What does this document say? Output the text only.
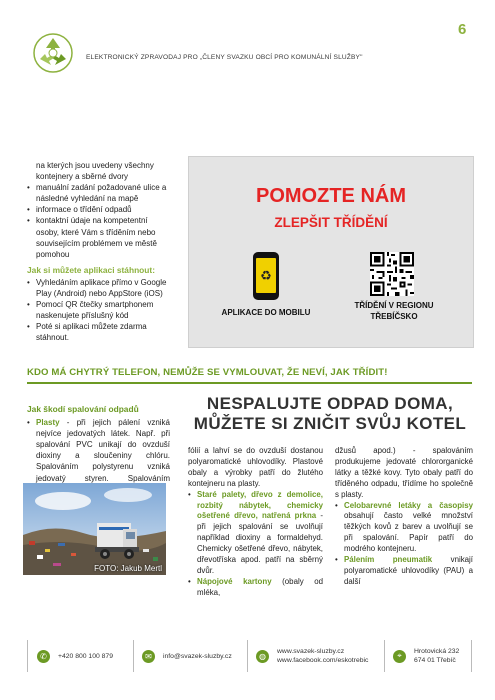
ELEKTRONICKÝ ZPRAVODAJ PRO „ČLENY SVAZKU OBCÍ PRO KOMUNÁLNÍ SLUŽBY"
6
na kterých jsou uvedeny všechny kontejnery a sběrné dvory
• manuální zadání požadované ulice a následné vyhledání na mapě
• informace o třídění odpadů
• kontaktní údaje na kompetentní osoby, které Vám s tříděním nebo souvisejícím problémem ve městě pomohou
Jak si můžete aplikaci stáhnout:
• Vyhledáním aplikace přímo v Google Play (Android) nebo AppStore (iOS)
• Pomocí QR čtečky smartphonem naskenujete příslušný kód
• Poté si aplikaci můžete zdarma stáhnout.
POMOZTE NÁM
ZLEPŠIT TŘÍDĚNÍ
♻
APLIKACE DO MOBILU
TŘÍDĚNÍ V REGIONU
TŘEBÍČSKO
KDO MÁ CHYTRÝ TELEFON, NEMŮŽE SE VYMLOUVAT, ŽE NEVÍ, JAK TŘÍDIT!
Jak škodí spalování odpadů
• Plasty - při jejich pálení vzniká nejvíce jedovatých látek. Např. při spalování PVC unikají do ovzduší dioxiny a sloučeniny chlóru. Spalováním polystyrenu vzniká jedovatý styren. Spalováním
FOTO: Jakub Mertl
NESPALUJTE ODPAD DOMA,
MŮŽETE SI ZNIČIT SVŮJ KOTEL

fólií a lahví se do ovzduší dostanou polyaromatické uhlovodíky. Plastové obaly a výrobky patří do žlutého kontejneru na plasty.

• Staré palety, dřevo z demolice, rozbitý nábytek, chemicky ošetřené dřevo, natřená prkna - při jejich spalování se uvolňují například dioxiny a formaldehyd. Chemicky ošetřené dřevo, nábytek, dřevotříska apod. patří na sběrný dvůr.
• Nápojové kartony (obaly od mléka,

džusů apod.) - spalováním produkujeme jedovaté chlororganické látky a těžké kovy. Tyto obaly patří do tříděného odpadu, třídíme ho společně s plasty.

• Celobarevné letáky a časopisy obsahují často velké množství těžkých kovů z barev a uvolňují se při spalování. Papír patří do modrého kontejneru.
• Pálením pneumatik vnikají polyaromatické uhlovodíky (PAU) a další
✆	+420 800 100 879	✉	info@svazek-sluzby.cz	◍	www.svazek-sluzby.cz
www.facebook.com/eskotrebic
⌖	Hrotovická 232
674 01 Třebíč
